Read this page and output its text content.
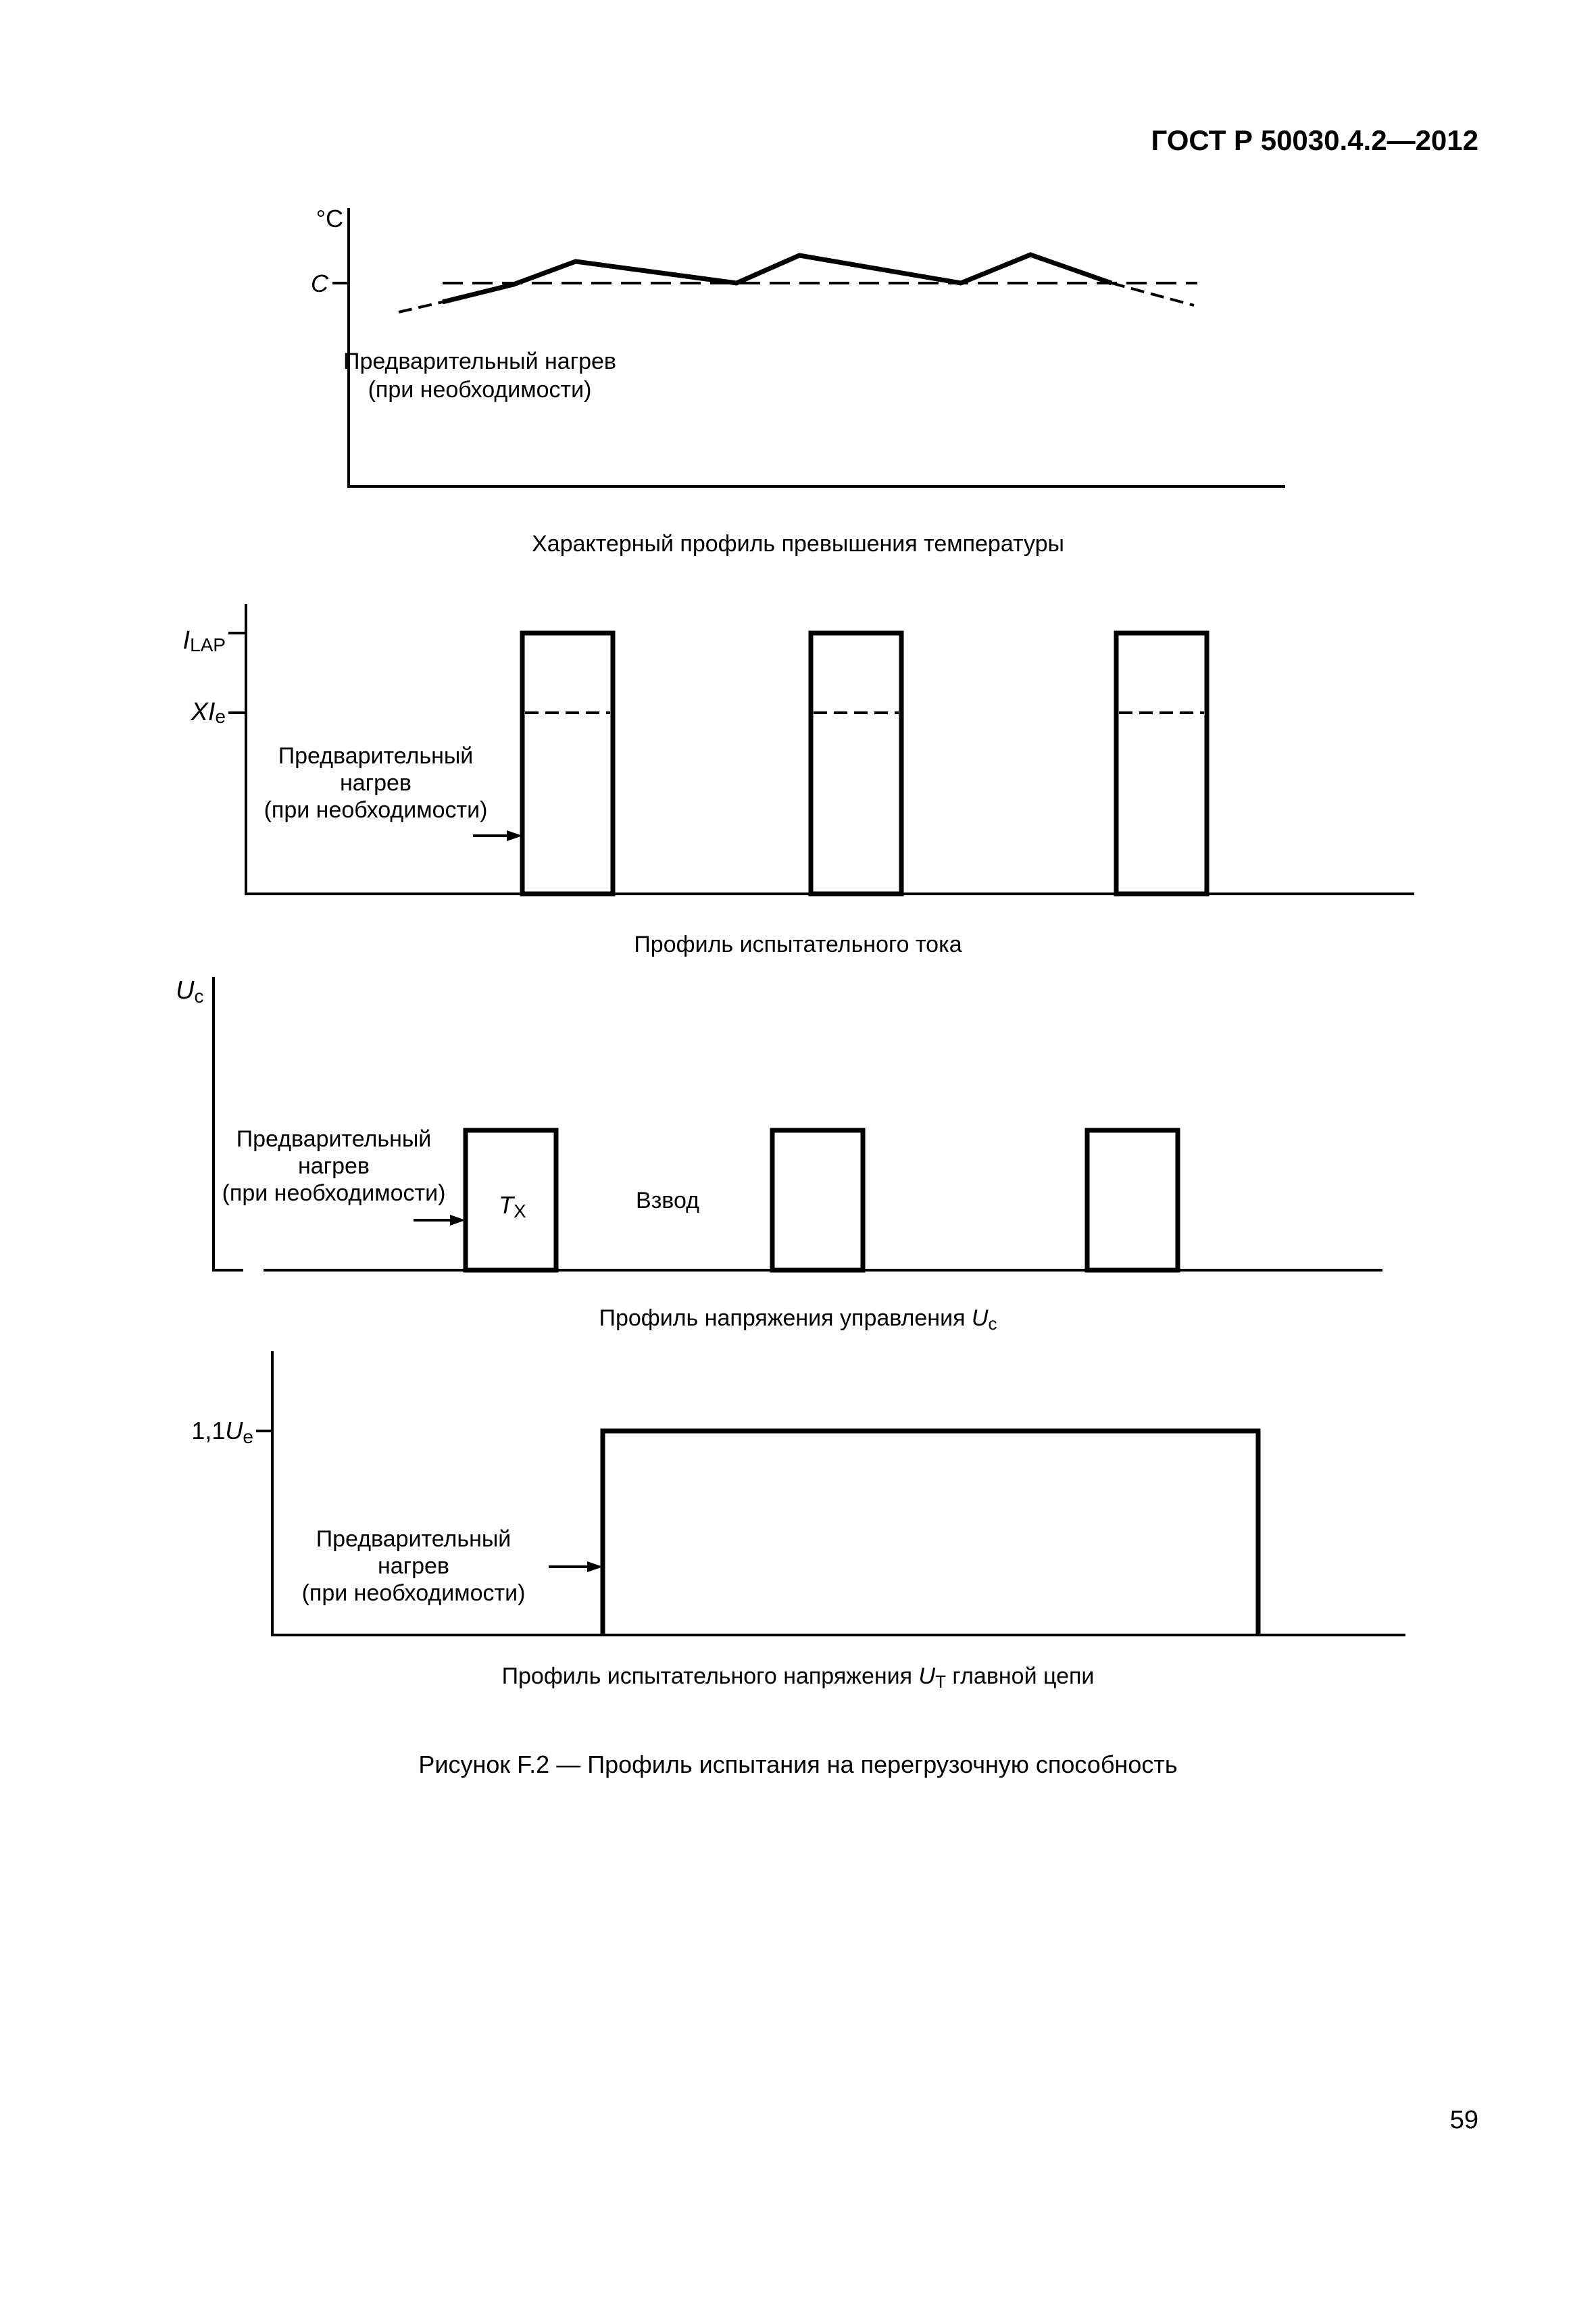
ГОСТ Р 50030.4.2—2012
°C
C
Предварительный нагрев
(при необходимости)
Характерный профиль превышения температуры
ILAP
XIe
Предварительный
нагрев
(при необходимости)
Профиль испытательного тока
Uc
Предварительный
нагрев
(при необходимости) TX	Взвод
Профиль напряжения управления Uc
1,1Ue
Предварительный
нагрев
(при необходимости)
Профиль испытательного напряжения UT главной цепи
Рисунок F.2 — Профиль испытания на перегрузочную способность
59
